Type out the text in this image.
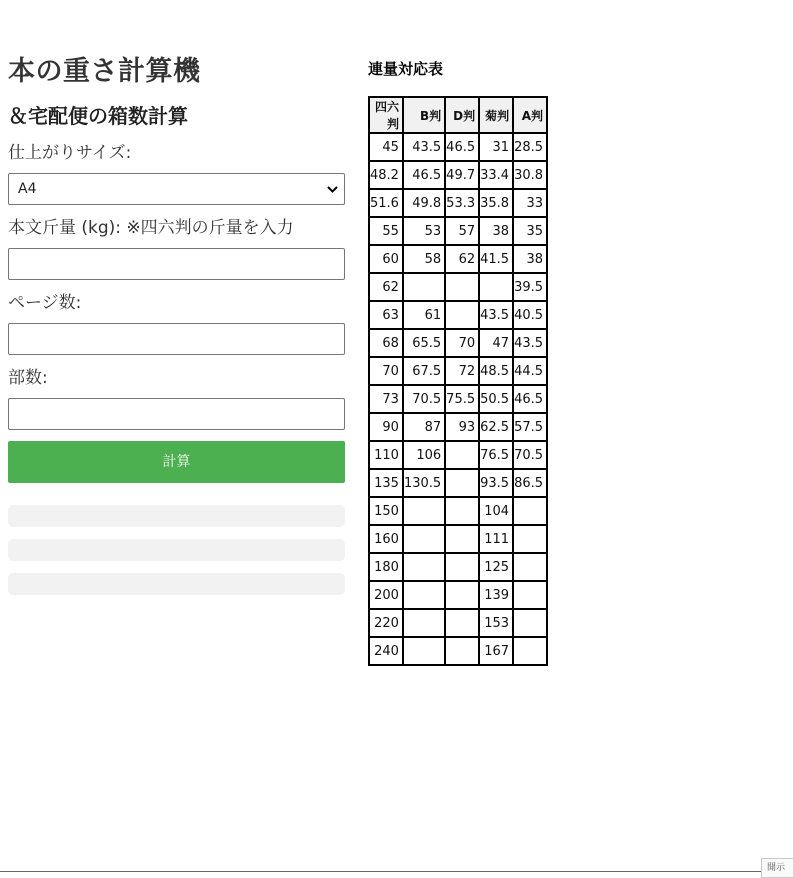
本の重さ計算機
＆宅配便の箱数計算
仕上がりサイズ:
A4
本文斤量 (kg): ※四六判の斤量を入力
ページ数:
部数:
計算
連量対応表
四六判	B判	D判	菊判	A判
45	43.5	46.5	31	28.5
48.2	46.5	49.7	33.4	30.8
51.6	49.8	53.3	35.8	33
55	53	57	38	35
60	58	62	41.5	38
62				39.5
63	61		43.5	40.5
68	65.5	70	47	43.5
70	67.5	72	48.5	44.5
73	70.5	75.5	50.5	46.5
90	87	93	62.5	57.5
110	106		76.5	70.5
135	130.5		93.5	86.5
150			104	
160			111	
180			125	
200			139	
220			153	
240			167	
開示
